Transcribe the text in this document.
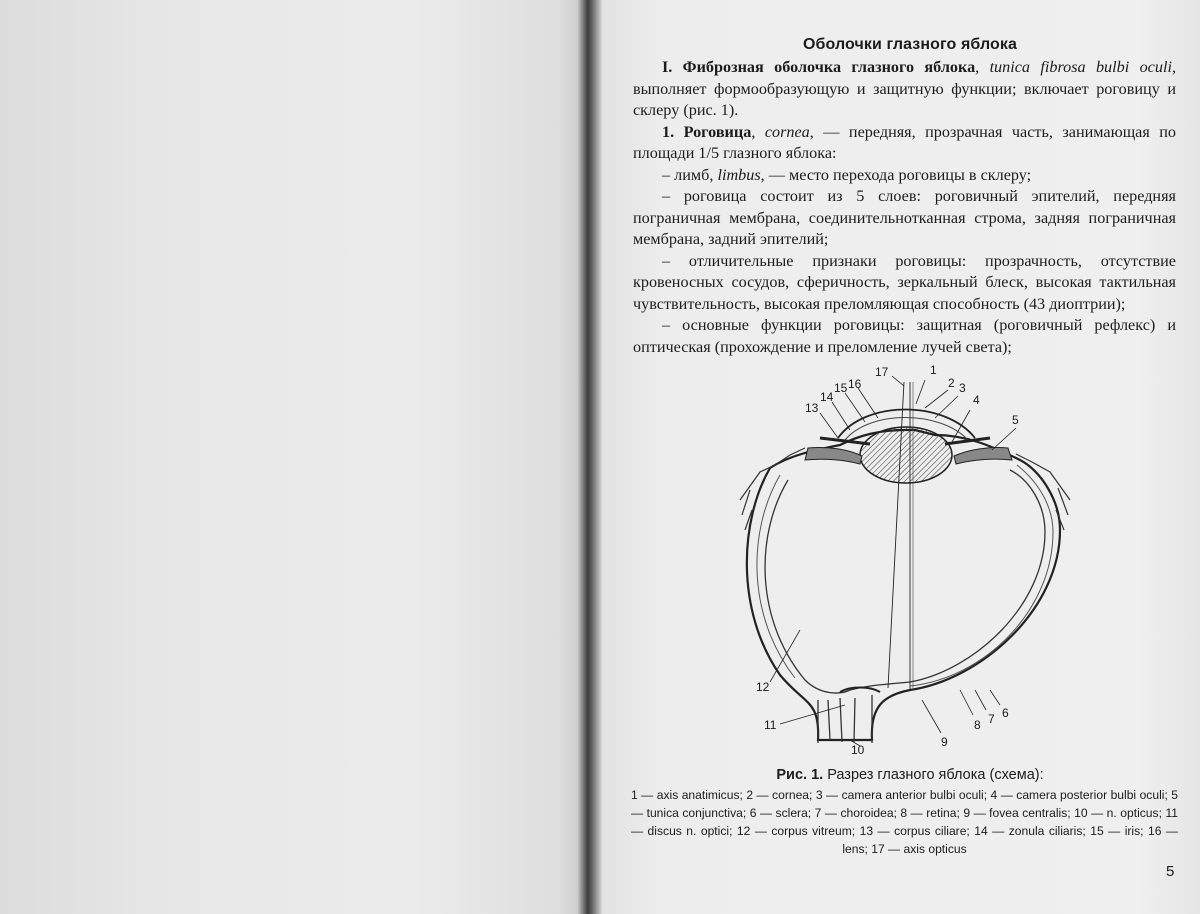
Оболочки глазного яблока

I. Фиброзная оболочка глазного яблока, tunica fibrosa bulbi oculi, выполняет формообразующую и защитную функции; включает роговицу и склеру (рис. 1).

1. Роговица, cornea, — передняя, прозрачная часть, занимающая по площади 1/5 глазного яблока:

– лимб, limbus, — место перехода роговицы в склеру;

– роговица состоит из 5 слоев: роговичный эпителий, передняя пограничная мембрана, соединительнотканная строма, задняя пограничная мембрана, задний эпителий;

– отличительные признаки роговицы: прозрачность, отсутствие кровеносных сосудов, сферичность, зеркальный блеск, высокая тактильная чувствительность, высокая преломляющая способность (43 диоптрии);

– основные функции роговицы: защитная (роговичный рефлекс) и оптическая (прохождение и преломление лучей света);

1
2 3
4
5
6
7
8
9
10
11
12
13
14
15 16
17
Рис. 1. Разрез глазного яблока (схема):
1 — axis anatimicus; 2 — cornea; 3 — camera anterior bulbi oculi; 4 — camera posterior bulbi oculi; 5 — tunica conjunctiva; 6 — sclera; 7 — choroidea; 8 — retina; 9 — fovea centralis; 10 — n. opticus; 11 — discus n. optici; 12 — corpus vitreum; 13 — corpus ciliare; 14 — zonula ciliaris; 15 — iris; 16 — lens; 17 — axis opticus
5
